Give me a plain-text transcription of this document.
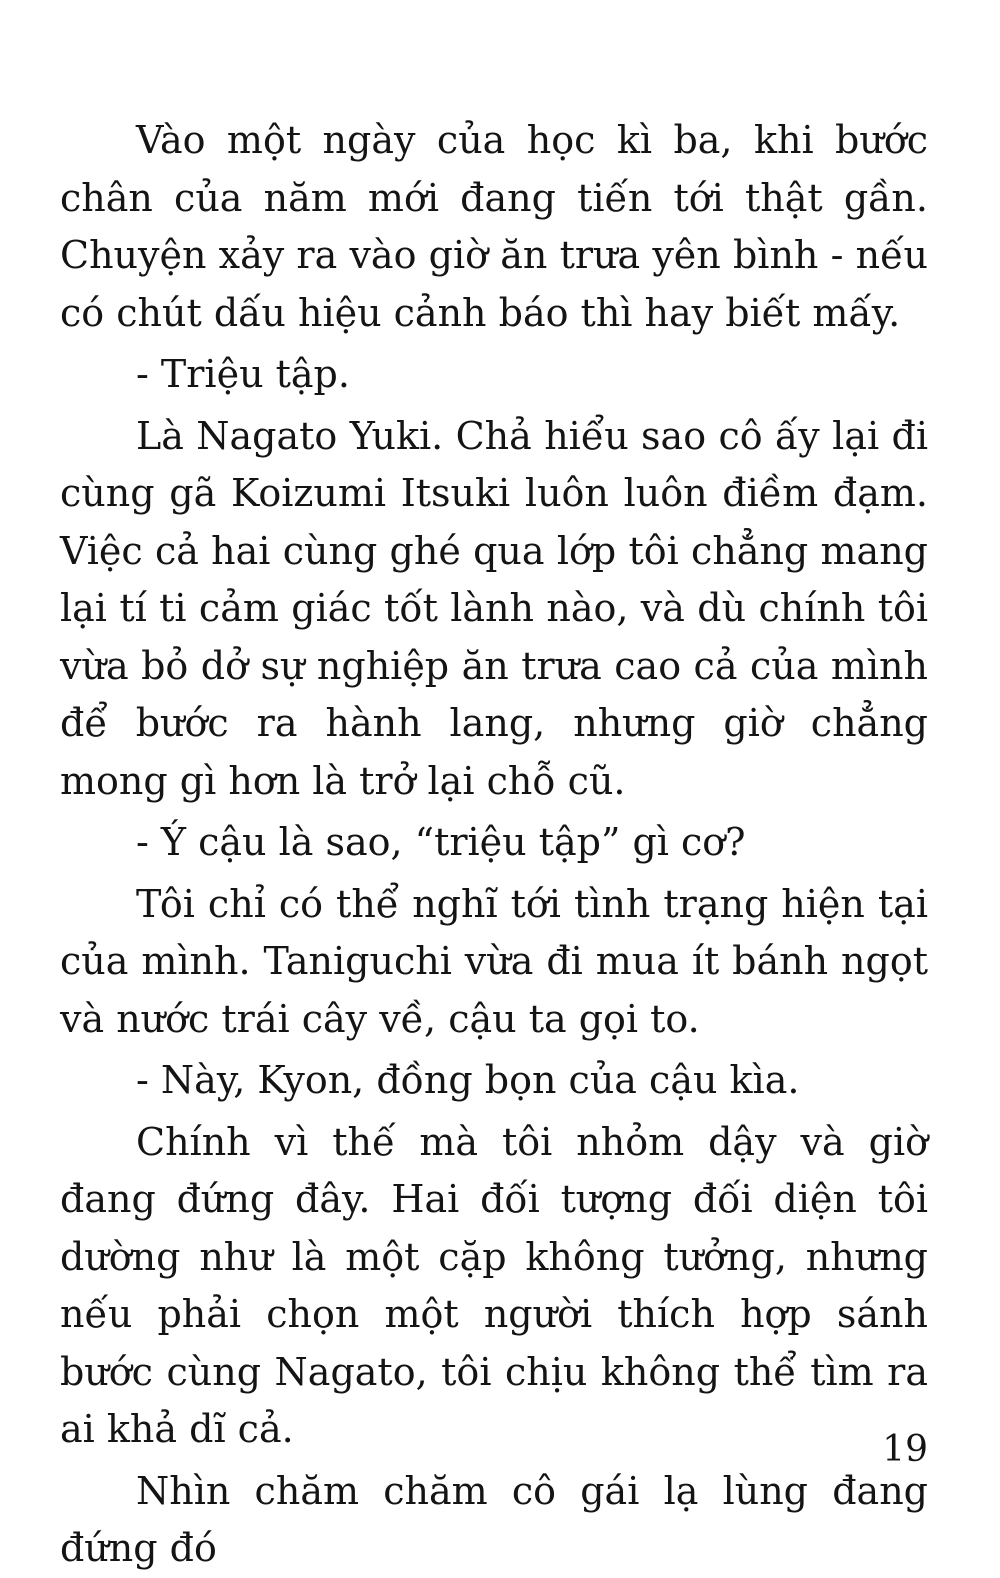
Vào một ngày của học kì ba, khi bước chân của năm mới đang tiến tới thật gần. Chuyện xảy ra vào giờ ăn trưa yên bình - nếu có chút dấu hiệu cảnh báo thì hay biết mấy.

- Triệu tập.

Là Nagato Yuki. Chả hiểu sao cô ấy lại đi cùng gã Koizumi Itsuki luôn luôn điềm đạm. Việc cả hai cùng ghé qua lớp tôi chẳng mang lại tí ti cảm giác tốt lành nào, và dù chính tôi vừa bỏ dở sự nghiệp ăn trưa cao cả của mình để bước ra hành lang, nhưng giờ chẳng mong gì hơn là trở lại chỗ cũ.

- Ý cậu là sao, “triệu tập” gì cơ?

Tôi chỉ có thể nghĩ tới tình trạng hiện tại của mình. Taniguchi vừa đi mua ít bánh ngọt và nước trái cây về, cậu ta gọi to.

- Này, Kyon, đồng bọn của cậu kìa.

Chính vì thế mà tôi nhỏm dậy và giờ đang đứng đây. Hai đối tượng đối diện tôi dường như là một cặp không tưởng, nhưng nếu phải chọn một người thích hợp sánh bước cùng Nagato, tôi chịu không thể tìm ra ai khả dĩ cả.

Nhìn chăm chăm cô gái lạ lùng đang đứng đó

19
